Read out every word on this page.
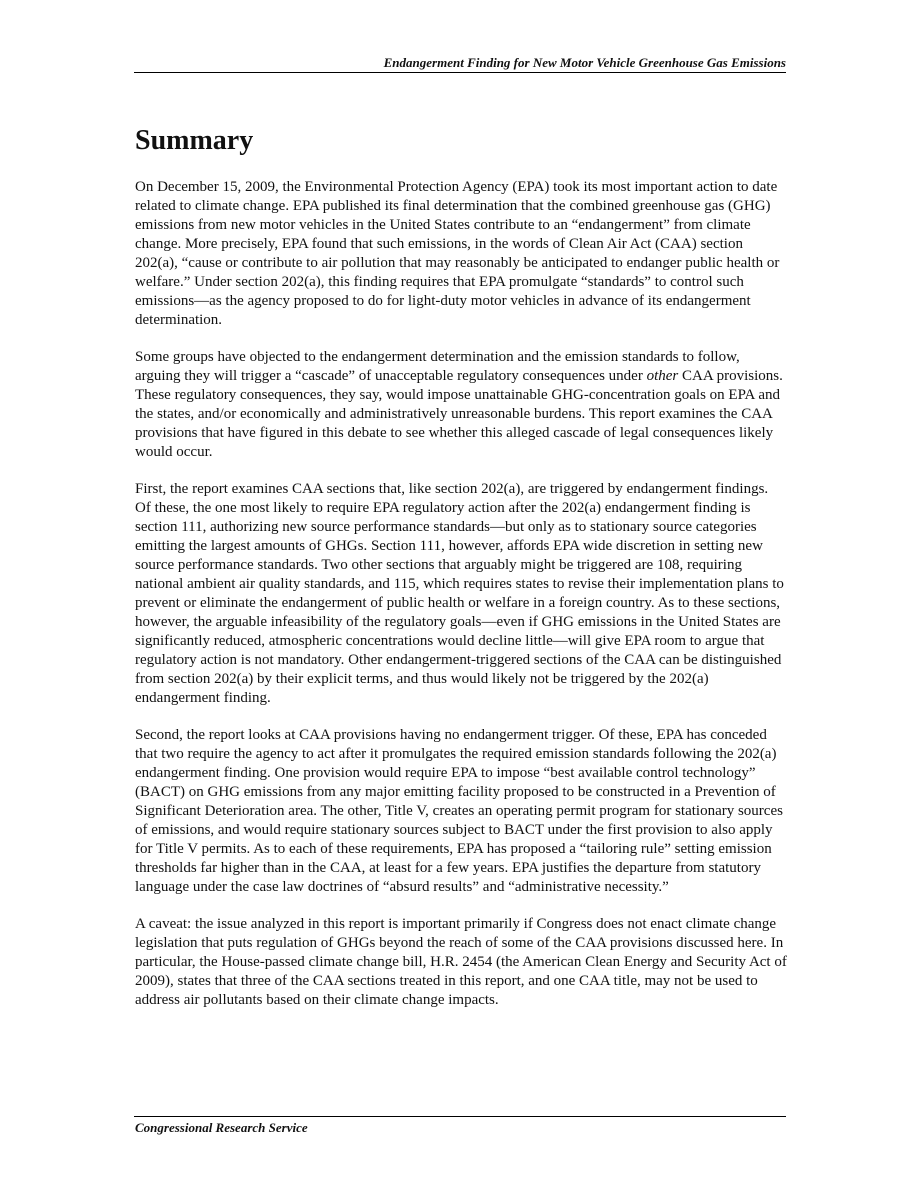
Endangerment Finding for New Motor Vehicle Greenhouse Gas Emissions
Summary

On December 15, 2009, the Environmental Protection Agency (EPA) took its most important action to date related to climate change. EPA published its final determination that the combined greenhouse gas (GHG) emissions from new motor vehicles in the United States contribute to an “endangerment” from climate change. More precisely, EPA found that such emissions, in the words of Clean Air Act (CAA) section 202(a), “cause or contribute to air pollution that may reasonably be anticipated to endanger public health or welfare.” Under section 202(a), this finding requires that EPA promulgate “standards” to control such emissions—as the agency proposed to do for light-duty motor vehicles in advance of its endangerment determination.

Some groups have objected to the endangerment determination and the emission standards to follow, arguing they will trigger a “cascade” of unacceptable regulatory consequences under other CAA provisions. These regulatory consequences, they say, would impose unattainable GHG-concentration goals on EPA and the states, and/or economically and administratively unreasonable burdens. This report examines the CAA provisions that have figured in this debate to see whether this alleged cascade of legal consequences likely would occur.

First, the report examines CAA sections that, like section 202(a), are triggered by endangerment findings. Of these, the one most likely to require EPA regulatory action after the 202(a) endangerment finding is section 111, authorizing new source performance standards—but only as to stationary source categories emitting the largest amounts of GHGs. Section 111, however, affords EPA wide discretion in setting new source performance standards. Two other sections that arguably might be triggered are 108, requiring national ambient air quality standards, and 115, which requires states to revise their implementation plans to prevent or eliminate the endangerment of public health or welfare in a foreign country. As to these sections, however, the arguable infeasibility of the regulatory goals—even if GHG emissions in the United States are significantly reduced, atmospheric concentrations would decline little—will give EPA room to argue that regulatory action is not mandatory. Other endangerment-triggered sections of the CAA can be distinguished from section 202(a) by their explicit terms, and thus would likely not be triggered by the 202(a) endangerment finding.

Second, the report looks at CAA provisions having no endangerment trigger. Of these, EPA has conceded that two require the agency to act after it promulgates the required emission standards following the 202(a) endangerment finding. One provision would require EPA to impose “best available control technology” (BACT) on GHG emissions from any major emitting facility proposed to be constructed in a Prevention of Significant Deterioration area. The other, Title V, creates an operating permit program for stationary sources of emissions, and would require stationary sources subject to BACT under the first provision to also apply for Title V permits. As to each of these requirements, EPA has proposed a “tailoring rule” setting emission thresholds far higher than in the CAA, at least for a few years. EPA justifies the departure from statutory language under the case law doctrines of “absurd results” and “administrative necessity.”

A caveat: the issue analyzed in this report is important primarily if Congress does not enact climate change legislation that puts regulation of GHGs beyond the reach of some of the CAA provisions discussed here. In particular, the House-passed climate change bill, H.R. 2454 (the American Clean Energy and Security Act of 2009), states that three of the CAA sections treated in this report, and one CAA title, may not be used to address air pollutants based on their climate change impacts.

Congressional Research Service
